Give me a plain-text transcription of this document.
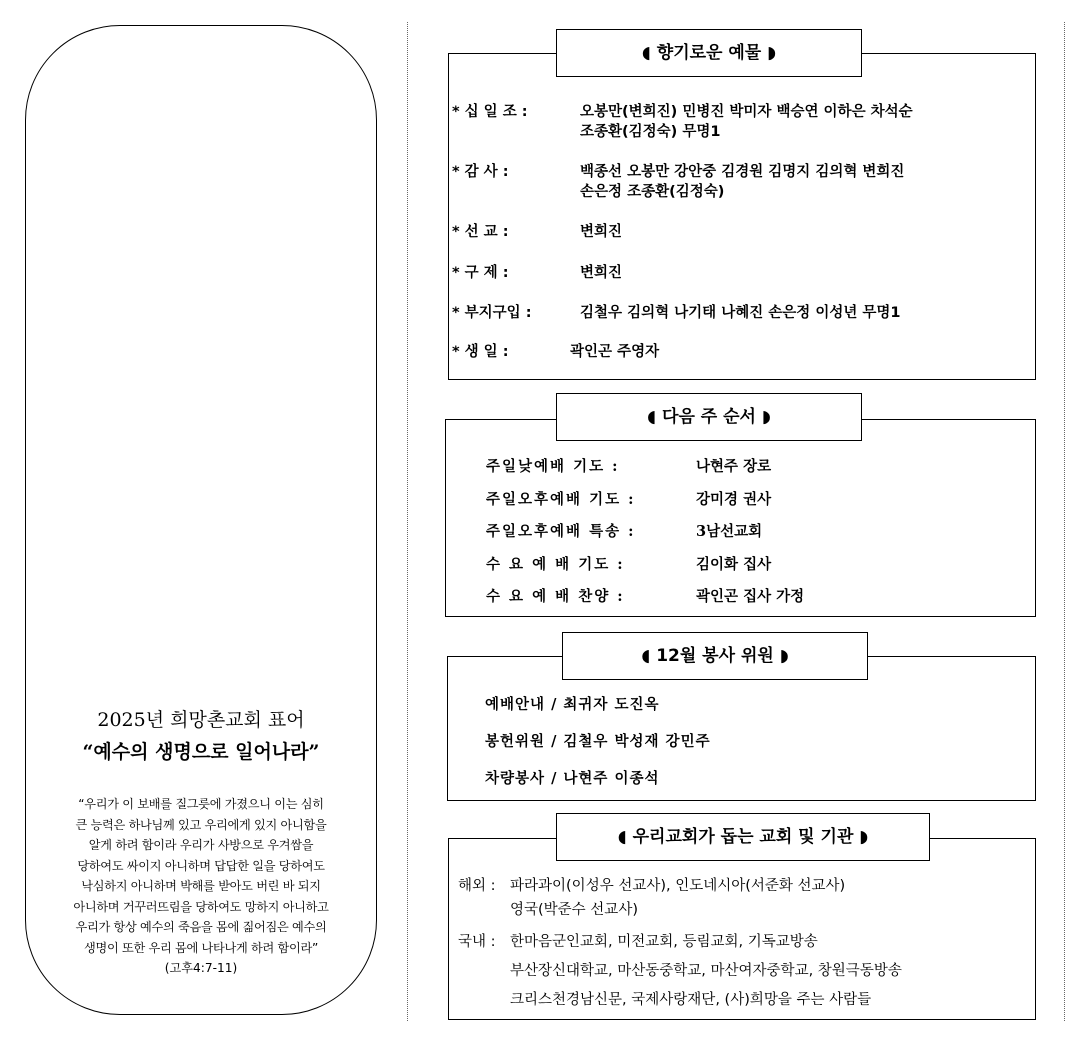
2025년 희망촌교회 표어
“예수의 생명으로 일어나라”
“우리가 이 보배를 질그릇에 가졌으니 이는 심히
큰 능력은 하나님께 있고 우리에게 있지 아니함을
알게 하려 함이라 우리가 사방으로 우겨쌈을
당하여도 싸이지 아니하며 답답한 일을 당하여도
낙심하지 아니하며 박해를 받아도 버린 바 되지
아니하며 거꾸러뜨림을 당하여도 망하지 아니하고
우리가 항상 예수의 죽음을 몸에 짊어짐은 예수의
생명이 또한 우리 몸에 나타나게 하려 함이라”
(고후4:7-11)
◖ 향기로운 예물 ◗
* 십 일 조 :	오봉만(변희진) 민병진 박미자 백승연 이하은 차석순
조종환(김정숙) 무명1
* 감 사 :	백종선 오봉만 강안중 김경원 김명지 김의혁 변희진
손은정 조종환(김정숙)
* 선 교 :	변희진
* 구 제 :	변희진
* 부지구입 :	김철우 김의혁 나기태 나혜진 손은정 이성년 무명1
* 생 일 :	곽인곤 주영자
◖ 다음 주 순서 ◗
주일낮예배 기도 :	나현주 장로
주일오후예배 기도 :	강미경 권사
주일오후예배 특송 :	3남선교회
수 요 예 배 기도 :	김이화 집사
수 요 예 배 찬양 :	곽인곤 집사 가정
◖ 12월 봉사 위원 ◗
예배안내 / 최귀자 도진옥
봉헌위원 / 김철우 박성재 강민주
차량봉사 / 나현주 이종석
◖ 우리교회가 돕는 교회 및 기관 ◗
해외 : 파라과이(이성우 선교사), 인도네시아(서준화 선교사)
영국(박준수 선교사)
국내 : 한마음군인교회, 미전교회, 등림교회, 기독교방송
부산장신대학교, 마산동중학교, 마산여자중학교, 창원극동방송
크리스천경남신문, 국제사랑재단, (사)희망을 주는 사람들
